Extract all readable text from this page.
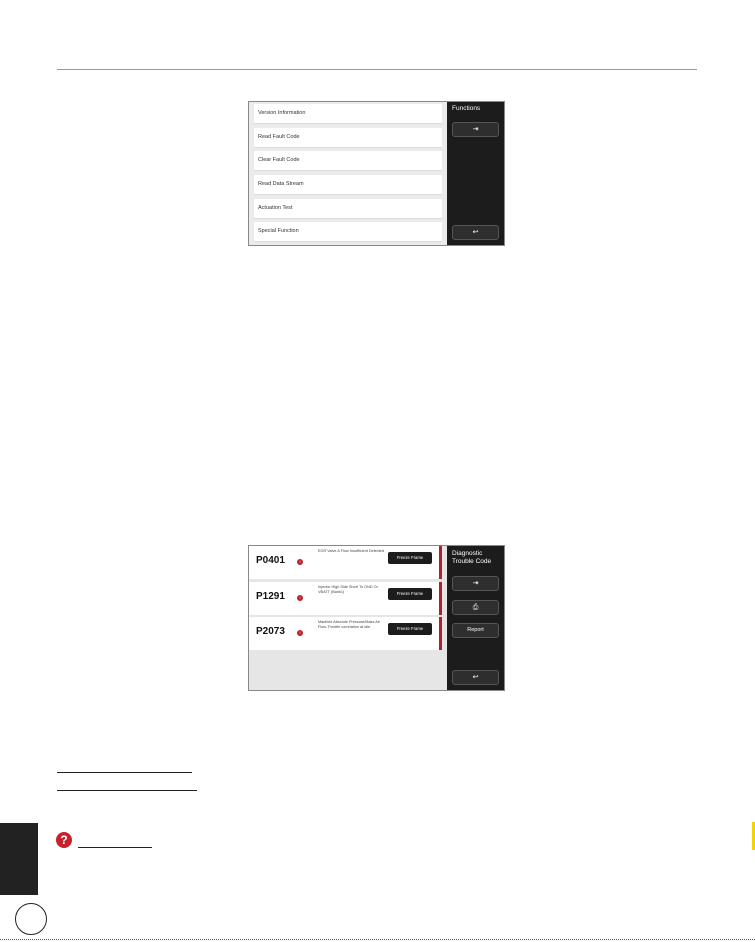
Version Information
Read Fault Code
Clear Fault Code
Read Data Stream
Actuation Test
Special Function
Functions
⇥
↩
P0401	!
EGR Valve A Flow Insufficient Detected
Freeze Frame
P1291	!
Injector High Side Short To GND Or VBATT (Bank1)	Freeze Frame
P2073	!
Manifold Absolute Pressure/Mass Air Flow-Throttle correlation at idle	Freeze Frame
Diagnostic
Trouble Code
⇥
⎙
Report
↩
?
